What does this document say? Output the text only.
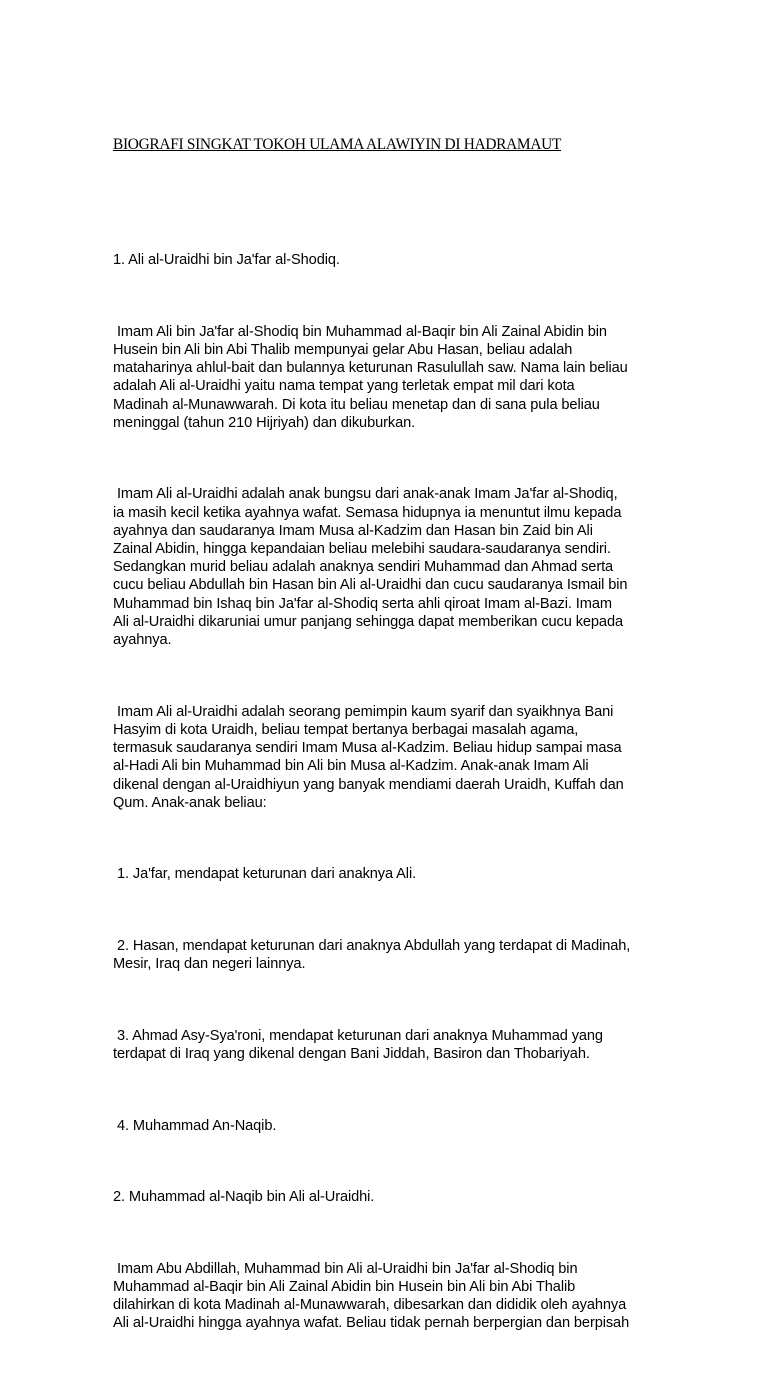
BIOGRAFI SINGKAT TOKOH ULAMA ALAWIYIN DI HADRAMAUT

1. Ali al-Uraidhi bin Ja'far al-Shodiq.

Imam Ali bin Ja'far al-Shodiq bin Muhammad al-Baqir bin Ali Zainal Abidin bin
Husein bin Ali bin Abi Thalib mempunyai gelar Abu Hasan, beliau adalah
mataharinya ahlul-bait dan bulannya keturunan Rasulullah saw. Nama lain beliau
adalah Ali al-Uraidhi yaitu nama tempat yang terletak empat mil dari kota
Madinah al-Munawwarah. Di kota itu beliau menetap dan di sana pula beliau
meninggal (tahun 210 Hijriyah) dan dikuburkan.

Imam Ali al-Uraidhi adalah anak bungsu dari anak-anak Imam Ja'far al-Shodiq,
ia masih kecil ketika ayahnya wafat. Semasa hidupnya ia menuntut ilmu kepada
ayahnya dan saudaranya Imam Musa al-Kadzim dan Hasan bin Zaid bin Ali
Zainal Abidin, hingga kepandaian beliau melebihi saudara-saudaranya sendiri.
Sedangkan murid beliau adalah anaknya sendiri Muhammad dan Ahmad serta
cucu beliau Abdullah bin Hasan bin Ali al-Uraidhi dan cucu saudaranya Ismail bin
Muhammad bin Ishaq bin Ja'far al-Shodiq serta ahli qiroat Imam al-Bazi. Imam
Ali al-Uraidhi dikaruniai umur panjang sehingga dapat memberikan cucu kepada
ayahnya.

Imam Ali al-Uraidhi adalah seorang pemimpin kaum syarif dan syaikhnya Bani
Hasyim di kota Uraidh, beliau tempat bertanya berbagai masalah agama,
termasuk saudaranya sendiri Imam Musa al-Kadzim. Beliau hidup sampai masa
al-Hadi Ali bin Muhammad bin Ali bin Musa al-Kadzim. Anak-anak Imam Ali
dikenal dengan al-Uraidhiyun yang banyak mendiami daerah Uraidh, Kuffah dan
Qum. Anak-anak beliau:

1. Ja'far, mendapat keturunan dari anaknya Ali.

2. Hasan, mendapat keturunan dari anaknya Abdullah yang terdapat di Madinah,
Mesir, Iraq dan negeri lainnya.

3. Ahmad Asy-Sya'roni, mendapat keturunan dari anaknya Muhammad yang
terdapat di Iraq yang dikenal dengan Bani Jiddah, Basiron dan Thobariyah.

4. Muhammad An-Naqib.

2. Muhammad al-Naqib bin Ali al-Uraidhi.

Imam Abu Abdillah, Muhammad bin Ali al-Uraidhi bin Ja'far al-Shodiq bin
Muhammad al-Baqir bin Ali Zainal Abidin bin Husein bin Ali bin Abi Thalib
dilahirkan di kota Madinah al-Munawwarah, dibesarkan dan dididik oleh ayahnya
Ali al-Uraidhi hingga ayahnya wafat. Beliau tidak pernah berpergian dan berpisah
